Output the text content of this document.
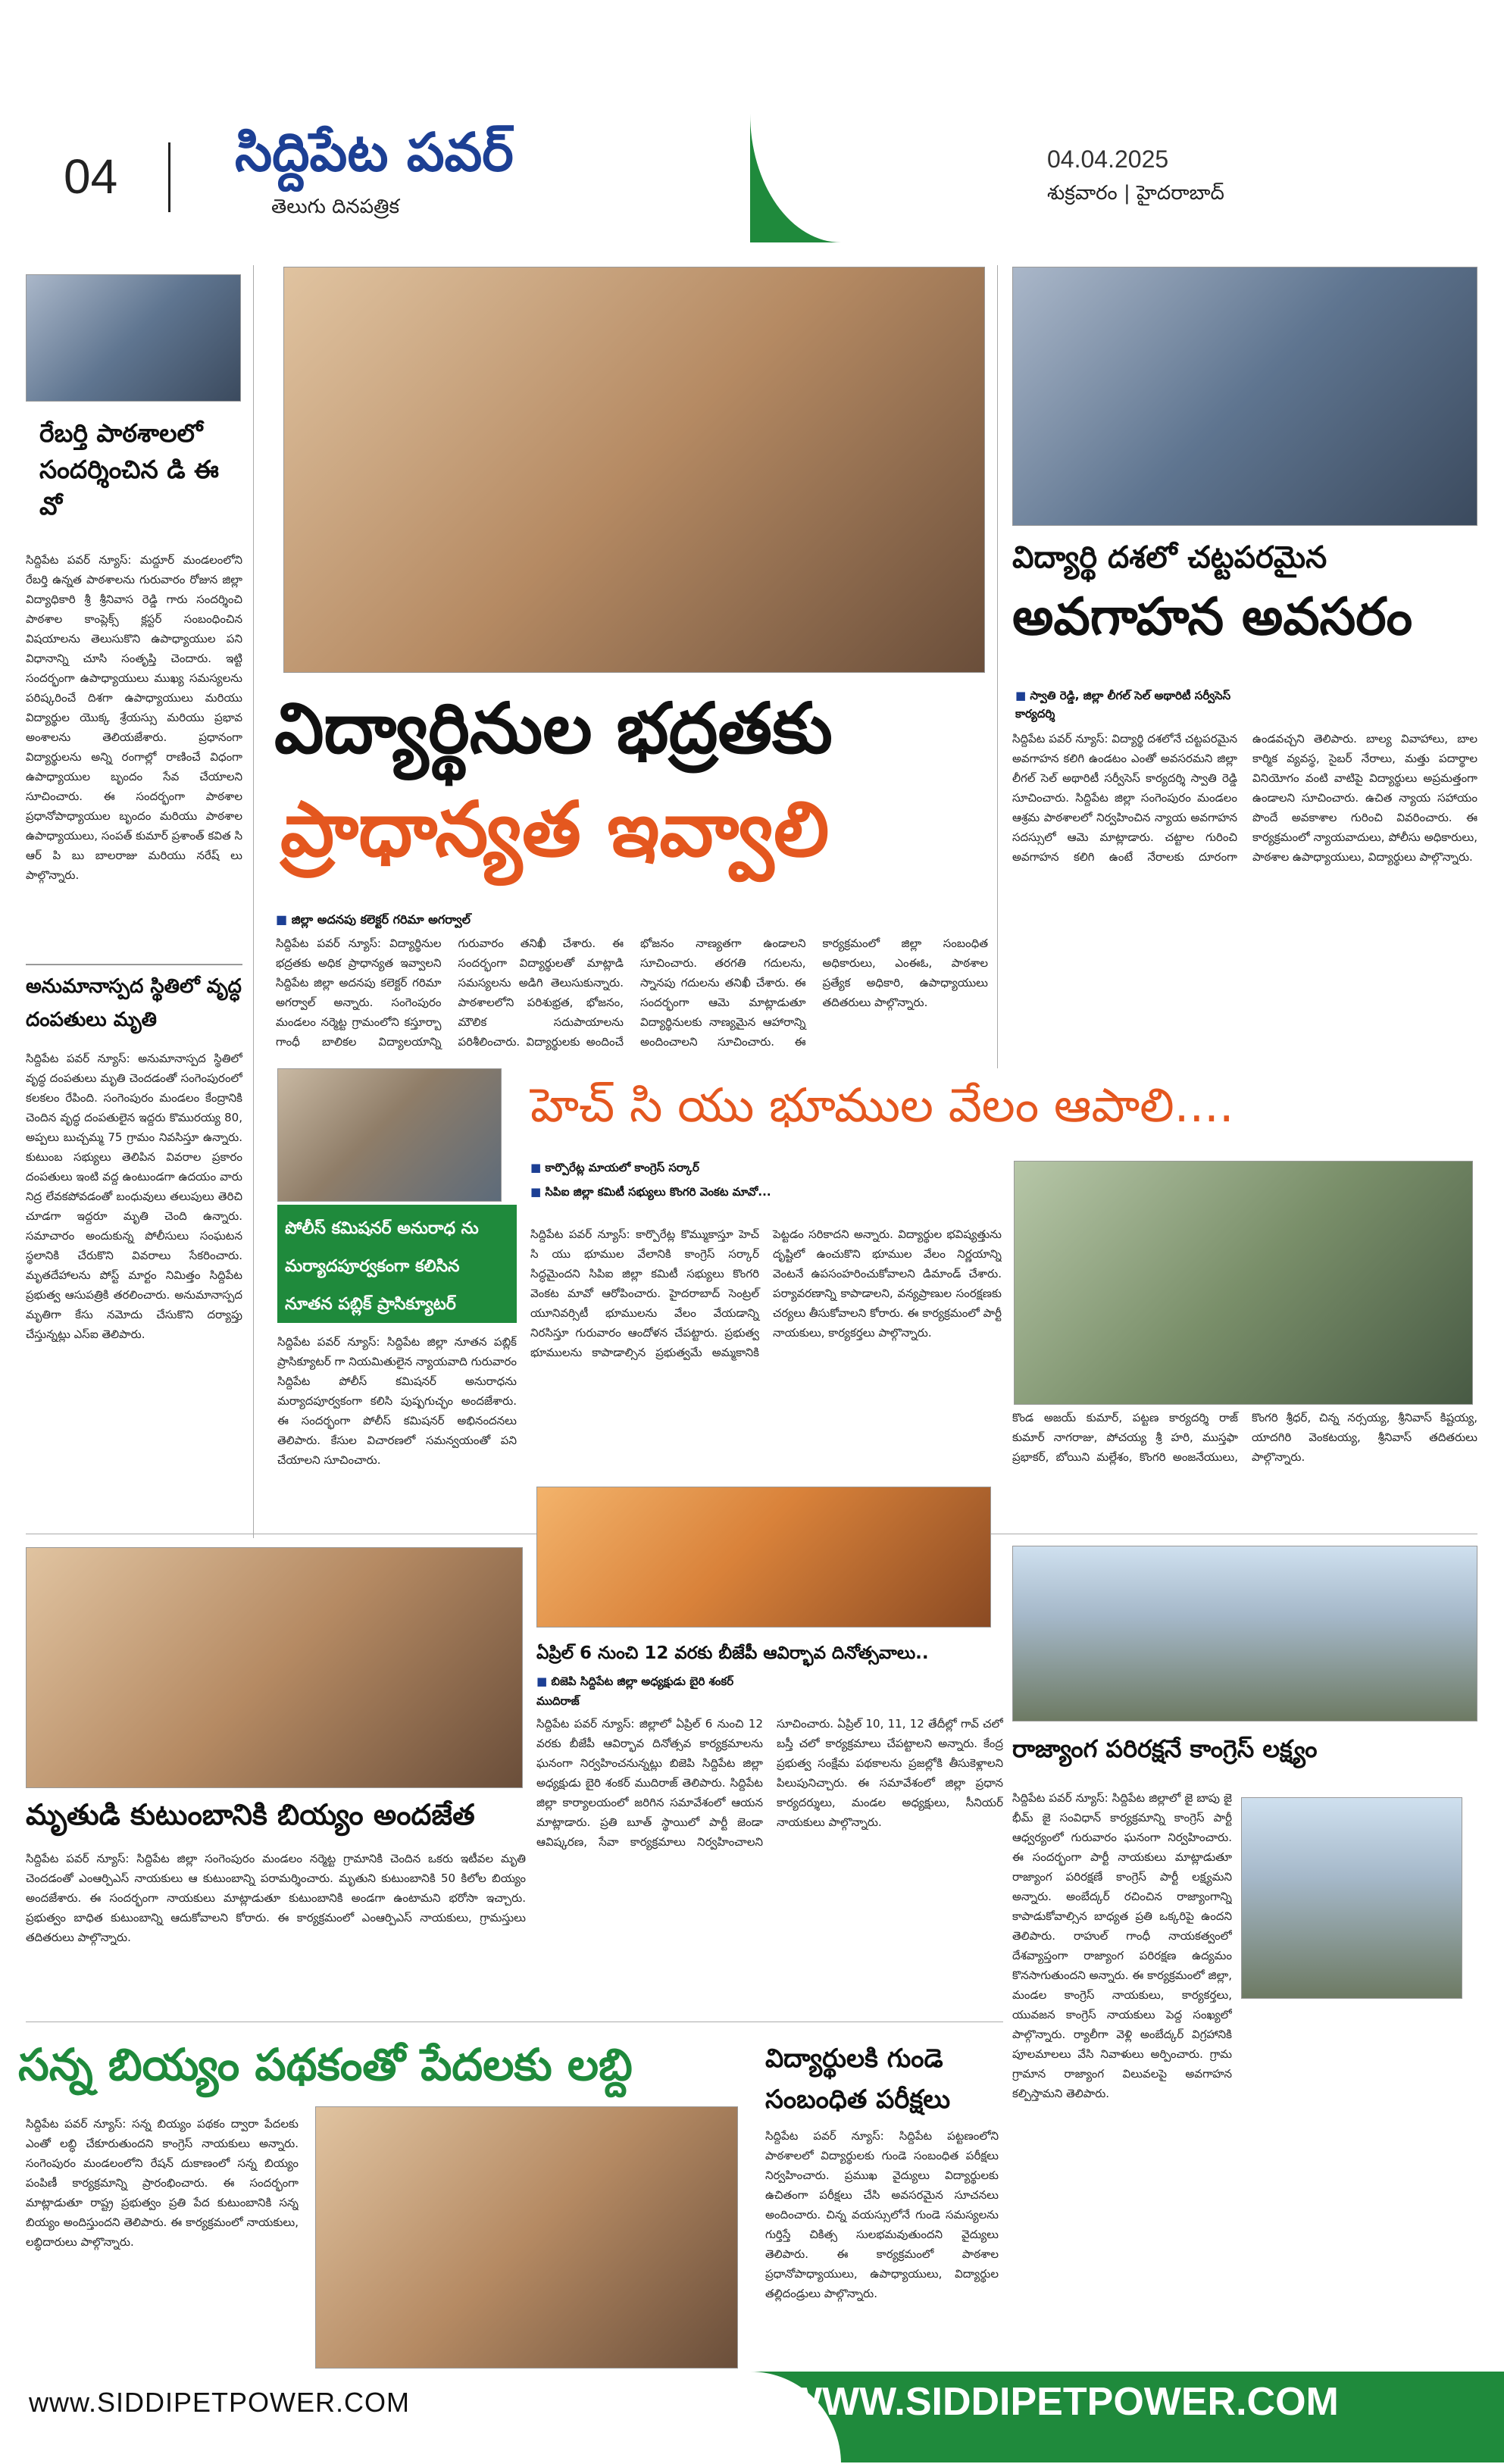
04 సిద్దిపేట పవర్
తెలుగు దినపత్రిక
04.04.2025
శుక్రవారం | హైదరాబాద్
రేబర్తి పాఠశాలలో సందర్శించిన డి ఈ వో
సిద్దిపేట పవర్ న్యూస్: మద్దూర్ మండలంలోని రేబర్తి ఉన్నత పాఠశాలను గురువారం రోజున జిల్లా విద్యాధికారి శ్రీ శ్రీనివాస రెడ్డి గారు సందర్శించి పాఠశాల కాంప్లెక్స్ క్లస్టర్ సంబంధించిన విషయాలను తెలుసుకొని ఉపాధ్యాయుల పని విధానాన్ని చూసి సంతృప్తి చెందారు. ఇట్టి సందర్భంగా ఉపాధ్యాయులు ముఖ్య సమస్యలను పరిష్కరించే దిశగా ఉపాధ్యాయులు మరియు విద్యార్థుల యొక్క శ్రేయస్సు మరియు ప్రభావ అంశాలను తెలియజేశారు. ప్రధానంగా విద్యార్థులను అన్ని రంగాల్లో రాణించే విధంగా ఉపాధ్యాయుల బృందం సేవ చేయాలని సూచించారు. ఈ సందర్భంగా పాఠశాల ప్రధానోపాధ్యాయుల బృందం మరియు పాఠశాల ఉపాధ్యాయులు, సంపత్ కుమార్ ప్రశాంత్ కవిత సి ఆర్ పి బు బాలరాజు మరియు నరేష్ లు పాల్గొన్నారు.
అనుమానాస్పద స్థితిలో వృద్ధ దంపతులు మృతి
సిద్దిపేట పవర్ న్యూస్: అనుమానాస్పద స్థితిలో వృద్ధ దంపతులు మృతి చెందడంతో సంగెంపురంలో కలకలం రేపింది. సంగెంపురం మండలం కేంద్రానికి చెందిన వృద్ధ దంపతులైన ఇద్దరు కొమురయ్య 80, అప్పలు బుచ్చమ్మ 75 గ్రామం నివసిస్తూ ఉన్నారు. కుటుంబ సభ్యులు తెలిపిన వివరాల ప్రకారం దంపతులు ఇంటి వద్ద ఉంటుండగా ఉదయం వారు నిద్ర లేవకపోవడంతో బంధువులు తలుపులు తెరిచి చూడగా ఇద్దరూ మృతి చెంది ఉన్నారు. సమాచారం అందుకున్న పోలీసులు సంఘటన స్థలానికి చేరుకొని వివరాలు సేకరించారు. మృతదేహాలను పోస్ట్ మార్టం నిమిత్తం సిద్దిపేట ప్రభుత్వ ఆసుపత్రికి తరలించారు. అనుమానాస్పద మృతిగా కేసు నమోదు చేసుకొని దర్యాప్తు చేస్తున్నట్లు ఎస్ఐ తెలిపారు.
విద్యార్థినుల భద్రతకు
ప్రాధాన్యత ఇవ్వాలి
■ జిల్లా అదనపు కలెక్టర్ గరిమా అగర్వాల్
సిద్దిపేట పవర్ న్యూస్: విద్యార్థినుల భద్రతకు అధిక ప్రాధాన్యత ఇవ్వాలని సిద్దిపేట జిల్లా అదనపు కలెక్టర్ గరిమా అగర్వాల్ అన్నారు. సంగెంపురం మండలం నర్మెట్ట గ్రామంలోని కస్తూర్బా గాంధీ బాలికల విద్యాలయాన్ని గురువారం తనిఖీ చేశారు. ఈ సందర్భంగా విద్యార్థులతో మాట్లాడి సమస్యలను అడిగి తెలుసుకున్నారు. పాఠశాలలోని పరిశుభ్రత, భోజనం, మౌలిక సదుపాయాలను పరిశీలించారు. విద్యార్థులకు అందించే భోజనం నాణ్యతగా ఉండాలని సూచించారు. తరగతి గదులను, స్నానపు గదులను తనిఖీ చేశారు. ఈ సందర్భంగా ఆమె మాట్లాడుతూ విద్యార్థినులకు నాణ్యమైన ఆహారాన్ని అందించాలని సూచించారు. ఈ కార్యక్రమంలో జిల్లా సంబంధిత అధికారులు, ఎంఈఓ, పాఠశాల ప్రత్యేక అధికారి, ఉపాధ్యాయులు తదితరులు పాల్గొన్నారు.
విద్యార్థి దశలో చట్టపరమైన
అవగాహన అవసరం
■ స్వాతి రెడ్డి, జిల్లా లీగల్ సెల్ అథారిటీ సర్వీసెస్ కార్యదర్శి
సిద్దిపేట పవర్ న్యూస్: విద్యార్థి దశలోనే చట్టపరమైన అవగాహన కలిగి ఉండటం ఎంతో అవసరమని జిల్లా లీగల్ సెల్ అథారిటీ సర్వీసెస్ కార్యదర్శి స్వాతి రెడ్డి సూచించారు. సిద్దిపేట జిల్లా సంగెంపురం మండలం ఆశ్రమ పాఠశాలలో నిర్వహించిన న్యాయ అవగాహన సదస్సులో ఆమె మాట్లాడారు. చట్టాల గురించి అవగాహన కలిగి ఉంటే నేరాలకు దూరంగా ఉండవచ్చని తెలిపారు. బాల్య వివాహాలు, బాల కార్మిక వ్యవస్థ, సైబర్ నేరాలు, మత్తు పదార్థాల వినియోగం వంటి వాటిపై విద్యార్థులు అప్రమత్తంగా ఉండాలని సూచించారు. ఉచిత న్యాయ సహాయం పొందే అవకాశాల గురించి వివరించారు. ఈ కార్యక్రమంలో న్యాయవాదులు, పోలీసు అధికారులు, పాఠశాల ఉపాధ్యాయులు, విద్యార్థులు పాల్గొన్నారు.
పోలీస్ కమిషనర్ అనురాధ ను
మర్యాదపూర్వకంగా కలిసిన
నూతన పబ్లిక్ ప్రాసిక్యూటర్
సిద్దిపేట పవర్ న్యూస్: సిద్దిపేట జిల్లా నూతన పబ్లిక్ ప్రాసిక్యూటర్ గా నియమితులైన న్యాయవాది గురువారం సిద్దిపేట పోలీస్ కమిషనర్ అనురాధను మర్యాదపూర్వకంగా కలిసి పుష్పగుచ్ఛం అందజేశారు. ఈ సందర్భంగా పోలీస్ కమిషనర్ అభినందనలు తెలిపారు. కేసుల విచారణలో సమన్వయంతో పని చేయాలని సూచించారు.
హెచ్ సి యు భూముల వేలం ఆపాలి....
■ కార్పొరేట్ల మాయలో కాంగ్రెస్ సర్కార్
■ సిపిఐ జిల్లా కమిటీ సభ్యులు కొంగరి వెంకట మావో...
సిద్దిపేట పవర్ న్యూస్: కార్పొరేట్ల కొమ్ముకాస్తూ హెచ్ సి యు భూముల వేలానికి కాంగ్రెస్ సర్కార్ సిద్ధమైందని సిపిఐ జిల్లా కమిటీ సభ్యులు కొంగరి వెంకట మావో ఆరోపించారు. హైదరాబాద్ సెంట్రల్ యూనివర్సిటీ భూములను వేలం వేయడాన్ని నిరసిస్తూ గురువారం ఆందోళన చేపట్టారు. ప్రభుత్వ భూములను కాపాడాల్సిన ప్రభుత్వమే అమ్మకానికి పెట్టడం సరికాదని అన్నారు. విద్యార్థుల భవిష్యత్తును దృష్టిలో ఉంచుకొని భూముల వేలం నిర్ణయాన్ని వెంటనే ఉపసంహరించుకోవాలని డిమాండ్ చేశారు. పర్యావరణాన్ని కాపాడాలని, వన్యప్రాణుల సంరక్షణకు చర్యలు తీసుకోవాలని కోరారు. ఈ కార్యక్రమంలో పార్టీ నాయకులు, కార్యకర్తలు పాల్గొన్నారు.
కొండ అజయ్ కుమార్, పట్టణ కార్యదర్శి రాజ్ కుమార్ నాగరాజు, పోచయ్య శ్రీ హరి, ముస్తఫా ప్రభాకర్, బోయిని మల్లేశం, కొంగరి అంజనేయులు, కొంగరి శ్రీధర్, చిన్న నర్సయ్య, శ్రీనివాస్ కిష్టయ్య, యాదగిరి వెంకటయ్య, శ్రీనివాస్ తదితరులు పాల్గొన్నారు.
మృతుడి కుటుంబానికి బియ్యం అందజేత
సిద్దిపేట పవర్ న్యూస్: సిద్దిపేట జిల్లా సంగెంపురం మండలం నర్మెట్ట గ్రామానికి చెందిన ఒకరు ఇటీవల మృతి చెందడంతో ఎంఆర్పిఎస్ నాయకులు ఆ కుటుంబాన్ని పరామర్శించారు. మృతుని కుటుంబానికి 50 కిలోల బియ్యం అందజేశారు. ఈ సందర్భంగా నాయకులు మాట్లాడుతూ కుటుంబానికి అండగా ఉంటామని భరోసా ఇచ్చారు. ప్రభుత్వం బాధిత కుటుంబాన్ని ఆదుకోవాలని కోరారు. ఈ కార్యక్రమంలో ఎంఆర్పిఎస్ నాయకులు, గ్రామస్తులు తదితరులు పాల్గొన్నారు.
ఏప్రిల్ 6 నుంచి 12 వరకు బీజేపీ ఆవిర్భావ దినోత్సవాలు..
■ బిజెపి సిద్దిపేట జిల్లా అధ్యక్షుడు బైరి శంకర్ ముదిరాజ్
సిద్దిపేట పవర్ న్యూస్: జిల్లాలో ఏప్రిల్ 6 నుంచి 12 వరకు బీజేపీ ఆవిర్భావ దినోత్సవ కార్యక్రమాలను ఘనంగా నిర్వహించనున్నట్లు బిజెపి సిద్దిపేట జిల్లా అధ్యక్షుడు బైరి శంకర్ ముదిరాజ్ తెలిపారు. సిద్దిపేట జిల్లా కార్యాలయంలో జరిగిన సమావేశంలో ఆయన మాట్లాడారు. ప్రతి బూత్ స్థాయిలో పార్టీ జెండా ఆవిష్కరణ, సేవా కార్యక్రమాలు నిర్వహించాలని సూచించారు. ఏప్రిల్ 10, 11, 12 తేదీల్లో గావ్ చలో బస్తీ చలో కార్యక్రమాలు చేపట్టాలని అన్నారు. కేంద్ర ప్రభుత్వ సంక్షేమ పథకాలను ప్రజల్లోకి తీసుకెళ్లాలని పిలుపునిచ్చారు. ఈ సమావేశంలో జిల్లా ప్రధాన కార్యదర్శులు, మండల అధ్యక్షులు, సీనియర్ నాయకులు పాల్గొన్నారు.
రాజ్యాంగ పరిరక్షనే కాంగ్రెస్ లక్ష్యం
సిద్దిపేట పవర్ న్యూస్: సిద్దిపేట జిల్లాలో జై బాపు జై భీమ్ జై సంవిధాన్ కార్యక్రమాన్ని కాంగ్రెస్ పార్టీ ఆధ్వర్యంలో గురువారం ఘనంగా నిర్వహించారు. ఈ సందర్భంగా పార్టీ నాయకులు మాట్లాడుతూ రాజ్యాంగ పరిరక్షణే కాంగ్రెస్ పార్టీ లక్ష్యమని అన్నారు. అంబేద్కర్ రచించిన రాజ్యాంగాన్ని కాపాడుకోవాల్సిన బాధ్యత ప్రతి ఒక్కరిపై ఉందని తెలిపారు. రాహుల్ గాంధీ నాయకత్వంలో దేశవ్యాప్తంగా రాజ్యాంగ పరిరక్షణ ఉద్యమం కొనసాగుతుందని అన్నారు. ఈ కార్యక్రమంలో జిల్లా, మండల కాంగ్రెస్ నాయకులు, కార్యకర్తలు, యువజన కాంగ్రెస్ నాయకులు పెద్ద సంఖ్యలో పాల్గొన్నారు. ర్యాలీగా వెళ్లి అంబేద్కర్ విగ్రహానికి పూలమాలలు వేసి నివాళులు అర్పించారు. గ్రామ గ్రామాన రాజ్యాంగ విలువలపై అవగాహన కల్పిస్తామని తెలిపారు.
సన్న బియ్యం పథకంతో పేదలకు లబ్ది
సిద్దిపేట పవర్ న్యూస్: సన్న బియ్యం పథకం ద్వారా పేదలకు ఎంతో లబ్ధి చేకూరుతుందని కాంగ్రెస్ నాయకులు అన్నారు. సంగెంపురం మండలంలోని రేషన్ దుకాణంలో సన్న బియ్యం పంపిణీ కార్యక్రమాన్ని ప్రారంభించారు. ఈ సందర్భంగా మాట్లాడుతూ రాష్ట్ర ప్రభుత్వం ప్రతి పేద కుటుంబానికి సన్న బియ్యం అందిస్తుందని తెలిపారు. ఈ కార్యక్రమంలో నాయకులు, లబ్ధిదారులు పాల్గొన్నారు.
విద్యార్థులకి గుండె సంబంధిత పరీక్షలు
సిద్దిపేట పవర్ న్యూస్: సిద్దిపేట పట్టణంలోని పాఠశాలలో విద్యార్థులకు గుండె సంబంధిత పరీక్షలు నిర్వహించారు. ప్రముఖ వైద్యులు విద్యార్థులకు ఉచితంగా పరీక్షలు చేసి అవసరమైన సూచనలు అందించారు. చిన్న వయస్సులోనే గుండె సమస్యలను గుర్తిస్తే చికిత్స సులభమవుతుందని వైద్యులు తెలిపారు. ఈ కార్యక్రమంలో పాఠశాల ప్రధానోపాధ్యాయులు, ఉపాధ్యాయులు, విద్యార్థుల తల్లిదండ్రులు పాల్గొన్నారు.
www.SIDDIPETPOWER.COM	WWW.SIDDIPETPOWER.COM
